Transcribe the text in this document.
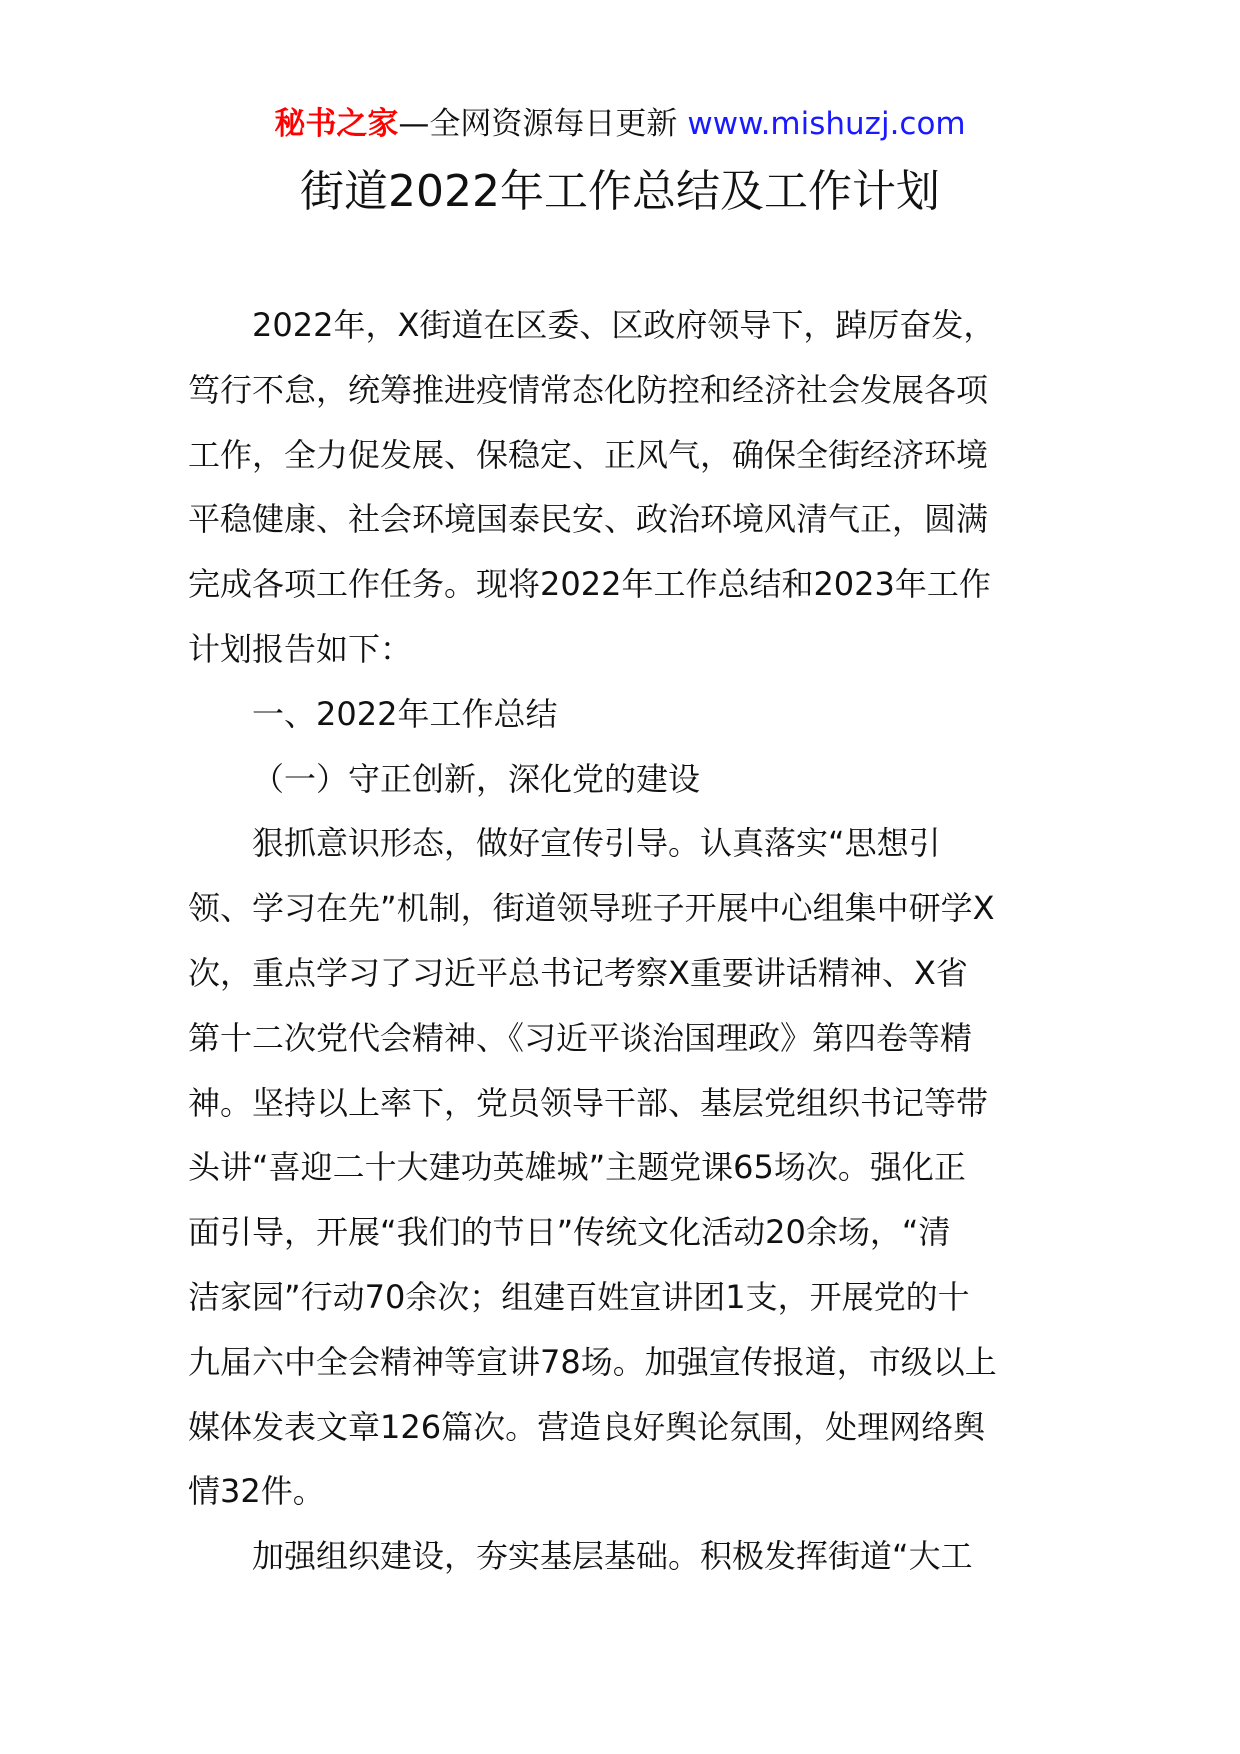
秘书之家—全网资源每日更新 www.mishuzj.com
街道2022年工作总结及工作计划

2022年，X街道在区委、区政府领导下，踔厉奋发，
笃行不怠，统筹推进疫情常态化防控和经济社会发展各项
工作，全力促发展、保稳定、正风气，确保全街经济环境
平稳健康、社会环境国泰民安、政治环境风清气正，圆满
完成各项工作任务。现将2022年工作总结和2023年工作
计划报告如下：

一、2022年工作总结

（一）守正创新，深化党的建设

狠抓意识形态，做好宣传引导。认真落实“思想引
领、学习在先”机制，街道领导班子开展中心组集中研学X
次，重点学习了习近平总书记考察X重要讲话精神、X省
第十二次党代会精神、《习近平谈治国理政》第四卷等精
神。坚持以上率下，党员领导干部、基层党组织书记等带
头讲“喜迎二十大建功英雄城”主题党课65场次。强化正
面引导，开展“我们的节日”传统文化活动20余场，“清
洁家园”行动70余次；组建百姓宣讲团1支，开展党的十
九届六中全会精神等宣讲78场。加强宣传报道，市级以上
媒体发表文章126篇次。营造良好舆论氛围，处理网络舆
情32件。

加强组织建设，夯实基层基础。积极发挥街道“大工
